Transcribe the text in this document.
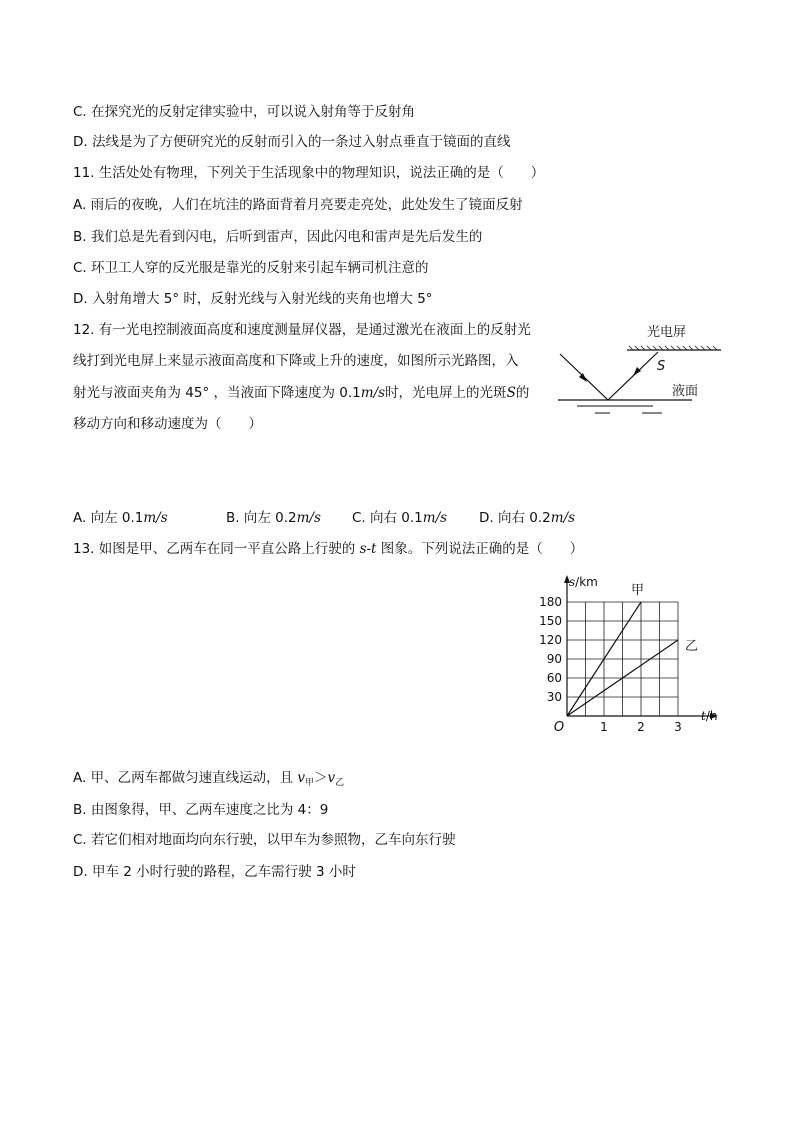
C. 在探究光的反射定律实验中，可以说入射角等于反射角
D. 法线是为了方便研究光的反射而引入的一条过入射点垂直于镜面的直线
11. 生活处处有物理，下列关于生活现象中的物理知识，说法正确的是（　　）
A. 雨后的夜晚，人们在坑洼的路面背着月亮要走亮处，此处发生了镜面反射
B. 我们总是先看到闪电，后听到雷声，因此闪电和雷声是先后发生的
C. 环卫工人穿的反光服是靠光的反射来引起车辆司机注意的
D. 入射角增大 5° 时，反射光线与入射光线的夹角也增大 5°
12. 有一光电控制液面高度和速度测量屏仪器，是通过激光在液面上的反射光
线打到光电屏上来显示液面高度和下降或上升的速度，如图所示光路图，入
射光与液面夹角为 45° ，当液面下降速度为 0.1m/s时，光电屏上的光斑S的
移动方向和移动速度为（　　）
光电屏
S
液面
A. 向左 0.1m/s	B. 向左 0.2m/s C. 向右 0.1m/s D. 向右 0.2m/s
13. 如图是甲、乙两车在同一平直公路上行驶的 s-t 图象。下列说法正确的是（　　）
30
60
90
120
150
180
1 2 3
O
s/km
t/h
甲
乙
A. 甲、乙两车都做匀速直线运动，且 $v_甲>v_乙$
B. 由图象得，甲、乙两车速度之比为 4：9
C. 若它们相对地面均向东行驶，以甲车为参照物，乙车向东行驶
D. 甲车 2 小时行驶的路程，乙车需行驶 3 小时
